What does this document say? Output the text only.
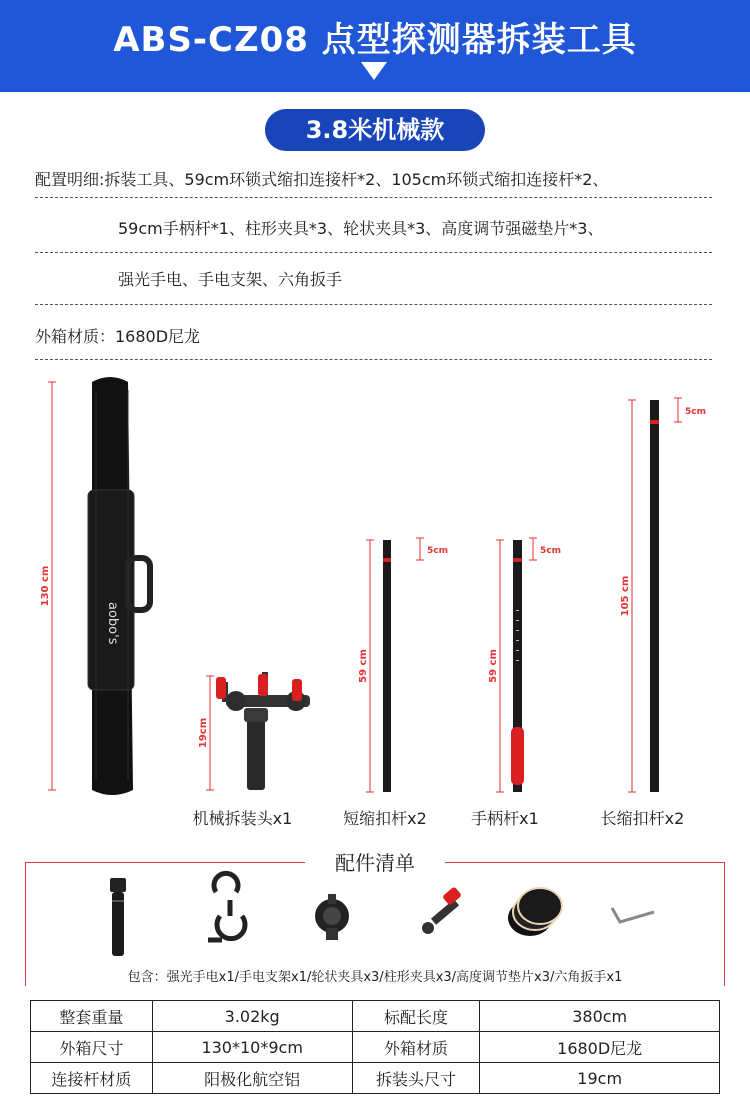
ABS-CZ08 点型探测器拆装工具
3.8米机械款
配置明细:拆装工具、59cm环锁式缩扣连接杆*2、105cm环锁式缩扣连接杆*2、
59cm手柄杆*1、柱形夹具*3、轮状夹具*3、高度调节强磁垫片*3、
强光手电、手电支架、六角扳手
外箱材质：1680D尼龙
aobo's
130 cm
19cm
59 cm	59 cm
105 cm
5cm	5cm
5cm
机械拆装头x1	短缩扣杆x2	手柄杆x1	长缩扣杆x2
配件清单
包含：强光手电x1/手电支架x1/轮状夹具x3/柱形夹具x3/高度调节垫片x3/六角扳手x1
整套重量	3.02kg	标配长度	380cm
外箱尺寸	130*10*9cm	外箱材质	1680D尼龙
连接杆材质	阳极化航空铝	拆装头尺寸	19cm
